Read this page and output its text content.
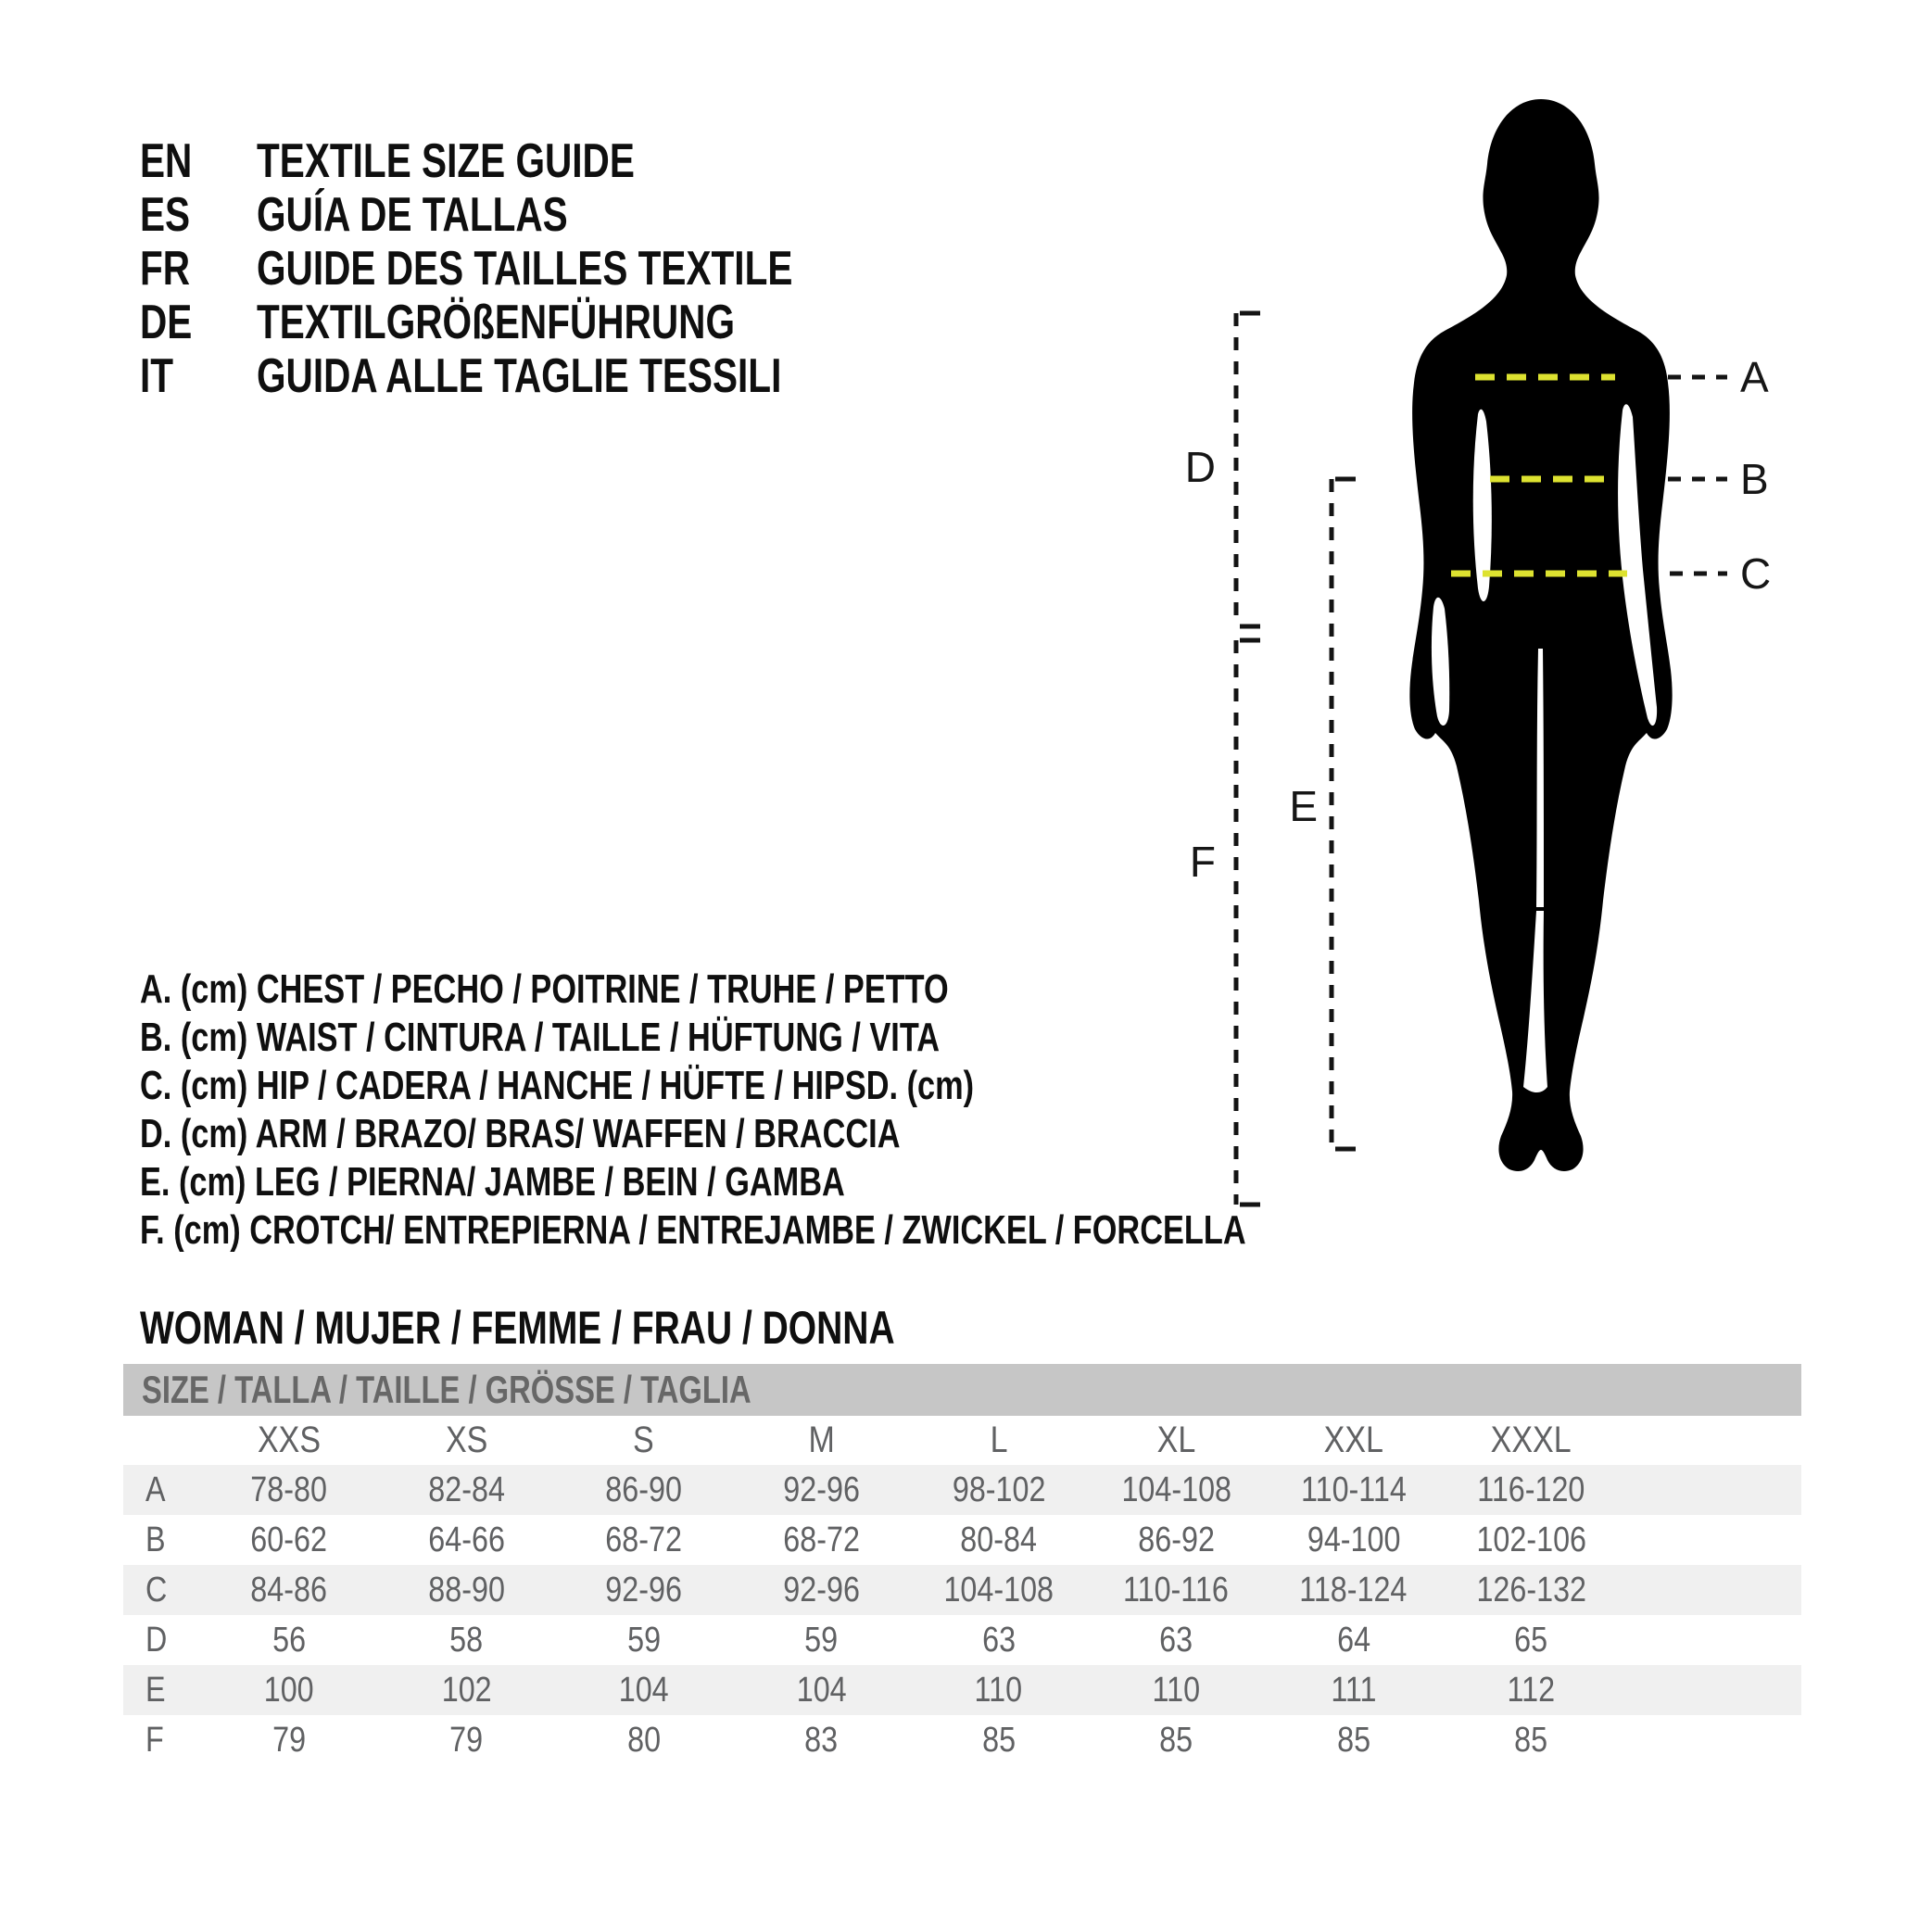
EN	TEXTILE SIZE GUIDE
ES	GUÍA DE TALLAS
FR	GUIDE DES TAILLES TEXTILE
DE	TEXTILGRÖßENFÜHRUNG
IT	GUIDA ALLE TAGLIE TESSILI
A. (cm) CHEST / PECHO / POITRINE / TRUHE / PETTO
B. (cm) WAIST / CINTURA / TAILLE / HÜFTUNG / VITA
C. (cm) HIP / CADERA / HANCHE / HÜFTE / HIPSD. (cm)
D. (cm) ARM / BRAZO/ BRAS/ WAFFEN / BRACCIA
E. (cm) LEG / PIERNA/ JAMBE / BEIN / GAMBA
F. (cm) CROTCH/ ENTREPIERNA / ENTREJAMBE / ZWICKEL / FORCELLA
WOMAN / MUJER / FEMME / FRAU / DONNA
SIZE / TALLA / TAILLE / GRÖSSE / TAGLIA
XXS	XS	S	M	L	XL	XXL	XXXL
A 78-80	82-84	86-90	92-96	98-102 104-108 110-114 116-120
B 60-62	64-66	68-72	68-72	80-84	86-92	94-100 102-106
C 84-86	88-90	92-96	92-96 104-108 110-116 118-124 126-132
D	56	58	59	59	63	63	64	65
E	100	102	104	104	110	110	111	112
F	79	79	80	83	85	85	85	85
A
B
C
D
E
F
